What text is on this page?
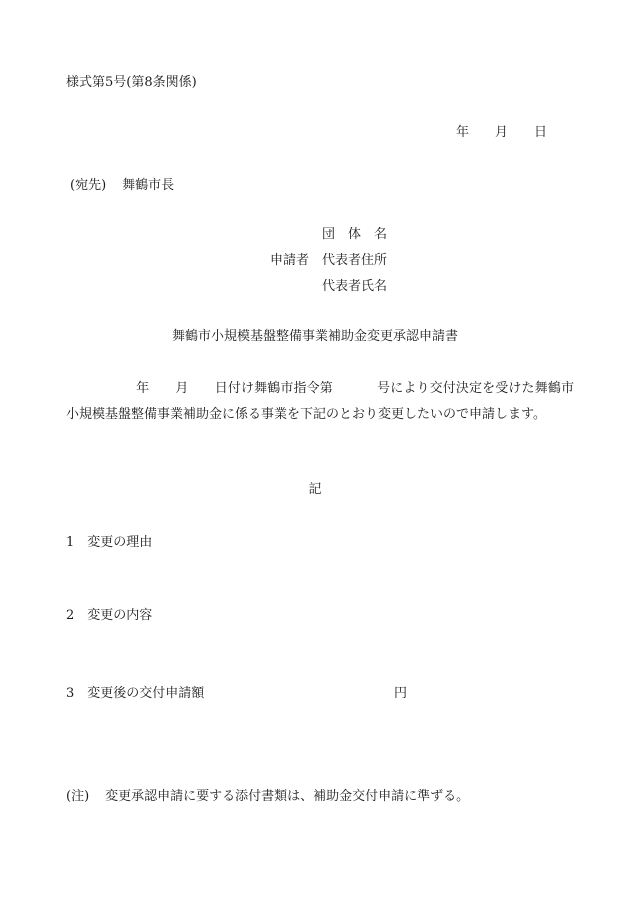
様式第5号(第8条関係)
年 月 日
(宛先) 舞鶴市長
団　体　名
申請者 代表者住所
代表者氏名
舞鶴市小規模基盤整備事業補助金変更承認申請書
年 月 日付け舞鶴市指令第	号により交付決定を受けた舞鶴市小規模基盤整備事業補助金に係る事業を下記のとおり変更したいので申請します。
記
1 変更の理由
2 変更の内容
3 変更後の交付申請額	円
(注) 変更承認申請に要する添付書類は、補助金交付申請に準ずる。
